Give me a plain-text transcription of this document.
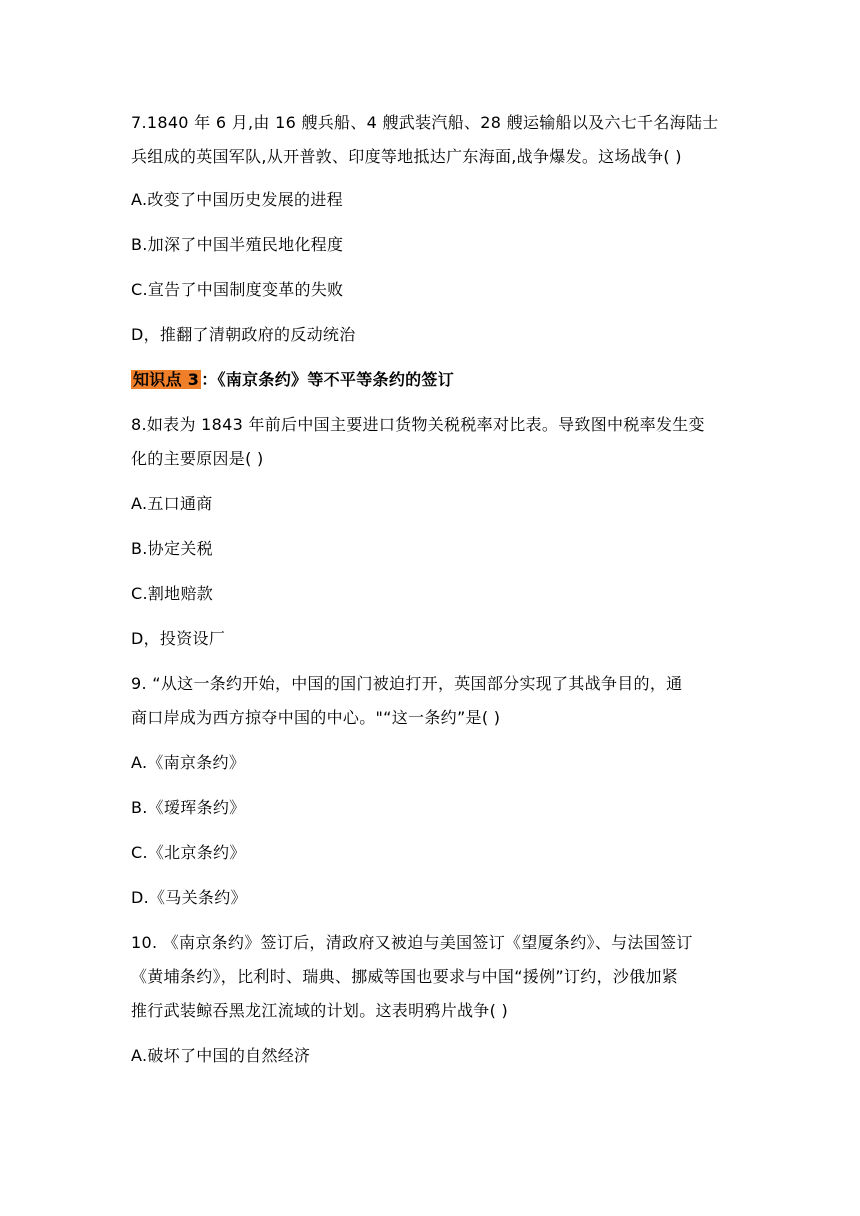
7.1840 年 6 月,由 16 艘兵船、4 艘武装汽船、28 艘运输船以及六七千名海陆士
兵组成的英国军队,从开普敦、印度等地抵达广东海面,战争爆发。这场战争( )
A.改变了中国历史发展的进程
B.加深了中国半殖民地化程度
C.宣告了中国制度变革的失败
D，推翻了清朝政府的反动统治
知识点 3 ：《南京条约》等不平等条约的签订
8.如表为 1843 年前后中国主要进口货物关税税率对比表。导致图中税率发生变
化的主要原因是( )
A.五口通商
B.协定关税
C.割地赔款
D，投资设厂
9. “从这一条约开始，中国的国门被迫打开，英国部分实现了其战争目的，通
商口岸成为西方掠夺中国的中心。"“这一条约”是( )
A.《南京条约》
B.《瑷珲条约》
C.《北京条约》
D.《马关条约》
10. 《南京条约》签订后，清政府又被迫与美国签订《望厦条约》、与法国签订
《黄埔条约》，比利时、瑞典、挪威等国也要求与中国“援例”订约，沙俄加紧
推行武装鲸吞黑龙江流域的计划。这表明鸦片战争( )
A.破坏了中国的自然经济
